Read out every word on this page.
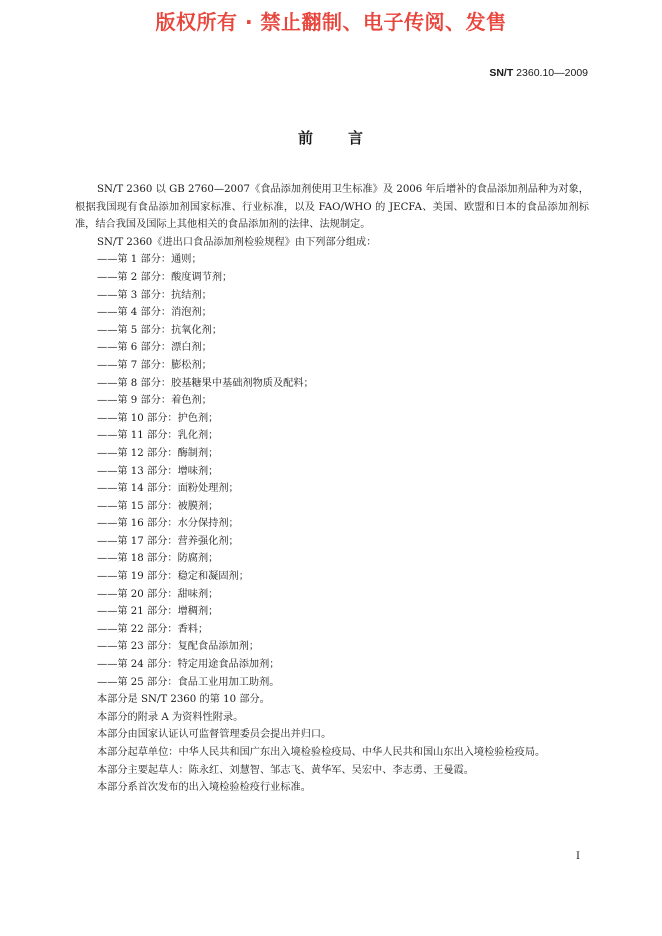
版权所有 · 禁止翻制、电子传阅、发售
SN/T 2360.10—2009
前 言

SN/T 2360 以 GB 2760—2007《食品添加剂使用卫生标准》及 2006 年后增补的食品添加剂品种为对象，根据我国现有食品添加剂国家标准、行业标准，以及 FAO/WHO 的 JECFA、美国、欧盟和日本的食品添加剂标准，结合我国及国际上其他相关的食品添加剂的法律、法规制定。

SN/T 2360《进出口食品添加剂检验规程》由下列部分组成：

——第 1 部分：通则；

——第 2 部分：酸度调节剂；

——第 3 部分：抗结剂；

——第 4 部分：消泡剂；

——第 5 部分：抗氧化剂；

——第 6 部分：漂白剂；

——第 7 部分：膨松剂；

——第 8 部分：胶基糖果中基础剂物质及配料；

——第 9 部分：着色剂；

——第 10 部分：护色剂；

——第 11 部分：乳化剂；

——第 12 部分：酶制剂；

——第 13 部分：增味剂；

——第 14 部分：面粉处理剂；

——第 15 部分：被膜剂；

——第 16 部分：水分保持剂；

——第 17 部分：营养强化剂；

——第 18 部分：防腐剂；

——第 19 部分：稳定和凝固剂；

——第 20 部分：甜味剂；

——第 21 部分：增稠剂；

——第 22 部分：香料；

——第 23 部分：复配食品添加剂；

——第 24 部分：特定用途食品添加剂；

——第 25 部分：食品工业用加工助剂。

本部分是 SN/T 2360 的第 10 部分。

本部分的附录 A 为资料性附录。

本部分由国家认证认可监督管理委员会提出并归口。

本部分起草单位：中华人民共和国广东出入境检验检疫局、中华人民共和国山东出入境检验检疫局。

本部分主要起草人：陈永红、刘慧智、邹志飞、黄华军、吴宏中、李志勇、王曼霞。

本部分系首次发布的出入境检验检疫行业标准。

I
